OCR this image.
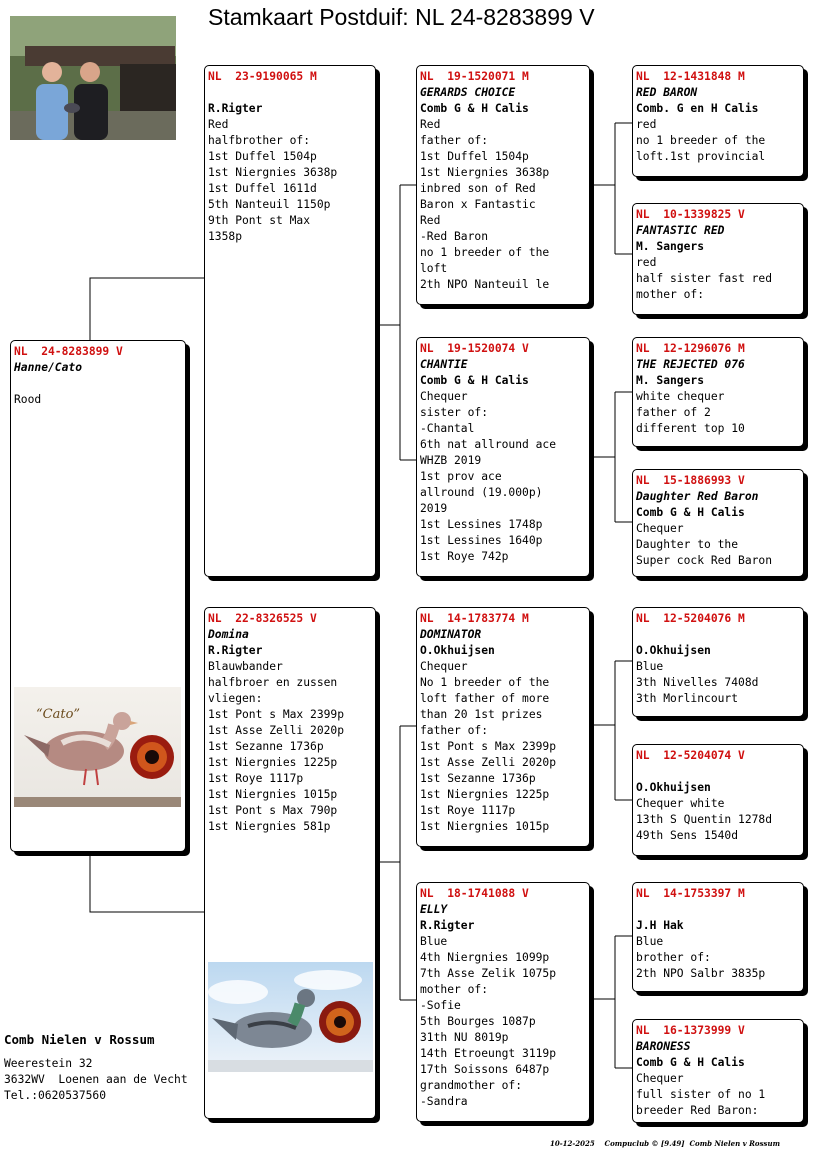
Stamkaart Postduif: NL 24-8283899 V
NL  24-8283899 V
Hanne/Cato
Rood
“Cato”
NL  23-9190065 M
R.Rigter
Red
halfbrother of:
1st Duffel 1504p
1st Niergnies 3638p
1st Duffel 1611d
5th Nanteuil 1150p
9th Pont st Max
1358p
NL  22-8326525 V
Domina
R.Rigter
Blauwbander
halfbroer en zussen
vliegen:
1st Pont s Max 2399p
1st Asse Zelli 2020p
1st Sezanne 1736p
1st Niergnies 1225p
1st Roye 1117p
1st Niergnies 1015p
1st Pont s Max 790p
1st Niergnies 581p
NL  19-1520071 M
GERARDS CHOICE
Comb G & H Calis
Red
father of:
1st Duffel 1504p
1st Niergnies 3638p
inbred son of Red
Baron x Fantastic
Red
-Red Baron
no 1 breeder of the
loft
2th NPO Nanteuil le
NL  19-1520074 V
CHANTIE
Comb G & H Calis
Chequer
sister of:
-Chantal
6th nat allround ace
WHZB 2019
1st prov ace
allround (19.000p)
2019
1st Lessines 1748p
1st Lessines 1640p
1st Roye 742p
NL  14-1783774 M
DOMINATOR
O.Okhuijsen
Chequer
No 1 breeder of the
loft father of more
than 20 1st prizes
father of:
1st Pont s Max 2399p
1st Asse Zelli 2020p
1st Sezanne 1736p
1st Niergnies 1225p
1st Roye 1117p
1st Niergnies 1015p
NL  18-1741088 V
ELLY
R.Rigter
Blue
4th Niergnies 1099p
7th Asse Zelik 1075p
mother of:
-Sofie
5th Bourges 1087p
31th NU 8019p
14th Etroeungt 3119p
17th Soissons 6487p
grandmother of:
-Sandra
NL  12-1431848 M
RED BARON
Comb. G en H Calis
red
no 1 breeder of the
loft.1st provincial
NL  10-1339825 V
FANTASTIC RED
M. Sangers
red
half sister fast red
mother of:
NL  12-1296076 M
THE REJECTED 076
M. Sangers
white chequer
father of 2
different top 10
NL  15-1886993 V
Daughter Red Baron
Comb G & H Calis
Chequer
Daughter to the
Super cock Red Baron
NL  12-5204076 M
O.Okhuijsen
Blue
3th Nivelles 7408d
3th Morlincourt
NL  12-5204074 V
O.Okhuijsen
Chequer white
13th S Quentin 1278d
49th Sens 1540d
NL  14-1753397 M
J.H Hak
Blue
brother of:
2th NPO Salbr 3835p
NL  16-1373999 V
BARONESS
Comb G & H Calis
Chequer
full sister of no 1
breeder Red Baron:
Comb Nielen v Rossum
Weerestein 32
3632WV  Loenen aan de Vecht
Tel.:0620537560
10-12-2025    Compuclub © [9.49]  Comb Nielen v Rossum
